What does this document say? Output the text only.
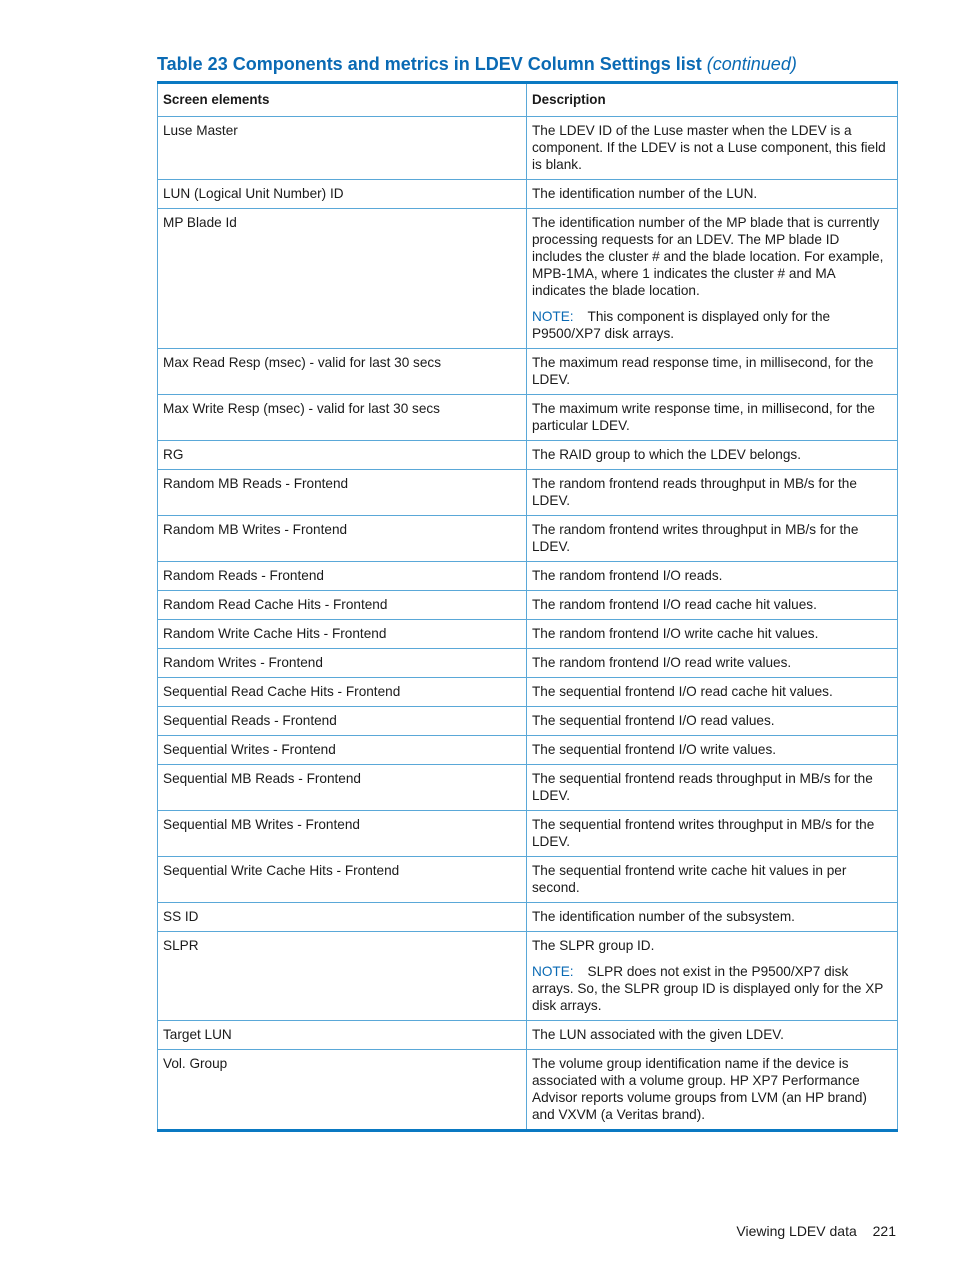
Table 23 Components and metrics in LDEV Column Settings list (continued)
Screen elements	Description
Luse Master	The LDEV ID of the Luse master when the LDEV is a component. If the LDEV is not a Luse component, this field is blank.

LUN (Logical Unit Number) ID	The identification number of the LUN.

MP Blade Id	The identification number of the MP blade that is currently processing requests for an LDEV. The MP blade ID includes the cluster # and the blade location. For example, MPB-1MA, where 1 indicates the cluster # and MA indicates the blade location.

NOTE: This component is displayed only for the P9500/XP7 disk arrays.

Max Read Resp (msec) - valid for last 30 secs	The maximum read response time, in millisecond, for the LDEV.

Max Write Resp (msec) - valid for last 30 secs	The maximum write response time, in millisecond, for the particular LDEV.

RG	The RAID group to which the LDEV belongs.

Random MB Reads - Frontend	The random frontend reads throughput in MB/s for the LDEV.

Random MB Writes - Frontend	The random frontend writes throughput in MB/s for the LDEV.

Random Reads - Frontend	The random frontend I/O reads.

Random Read Cache Hits - Frontend	The random frontend I/O read cache hit values.

Random Write Cache Hits - Frontend	The random frontend I/O write cache hit values.

Random Writes - Frontend	The random frontend I/O read write values.

Sequential Read Cache Hits - Frontend	The sequential frontend I/O read cache hit values.

Sequential Reads - Frontend	The sequential frontend I/O read values.

Sequential Writes - Frontend	The sequential frontend I/O write values.

Sequential MB Reads - Frontend	The sequential frontend reads throughput in MB/s for the LDEV.

Sequential MB Writes - Frontend	The sequential frontend writes throughput in MB/s for the LDEV.

Sequential Write Cache Hits - Frontend	The sequential frontend write cache hit values in per second.

SS ID	The identification number of the subsystem.

SLPR	The SLPR group ID.

NOTE: SLPR does not exist in the P9500/XP7 disk arrays. So, the SLPR group ID is displayed only for the XP disk arrays.

Target LUN	The LUN associated with the given LDEV.

Vol. Group	The volume group identification name if the device is associated with a volume group. HP XP7 Performance Advisor reports volume groups from LVM (an HP brand) and VXVM (a Veritas brand).

Viewing LDEV data 221
